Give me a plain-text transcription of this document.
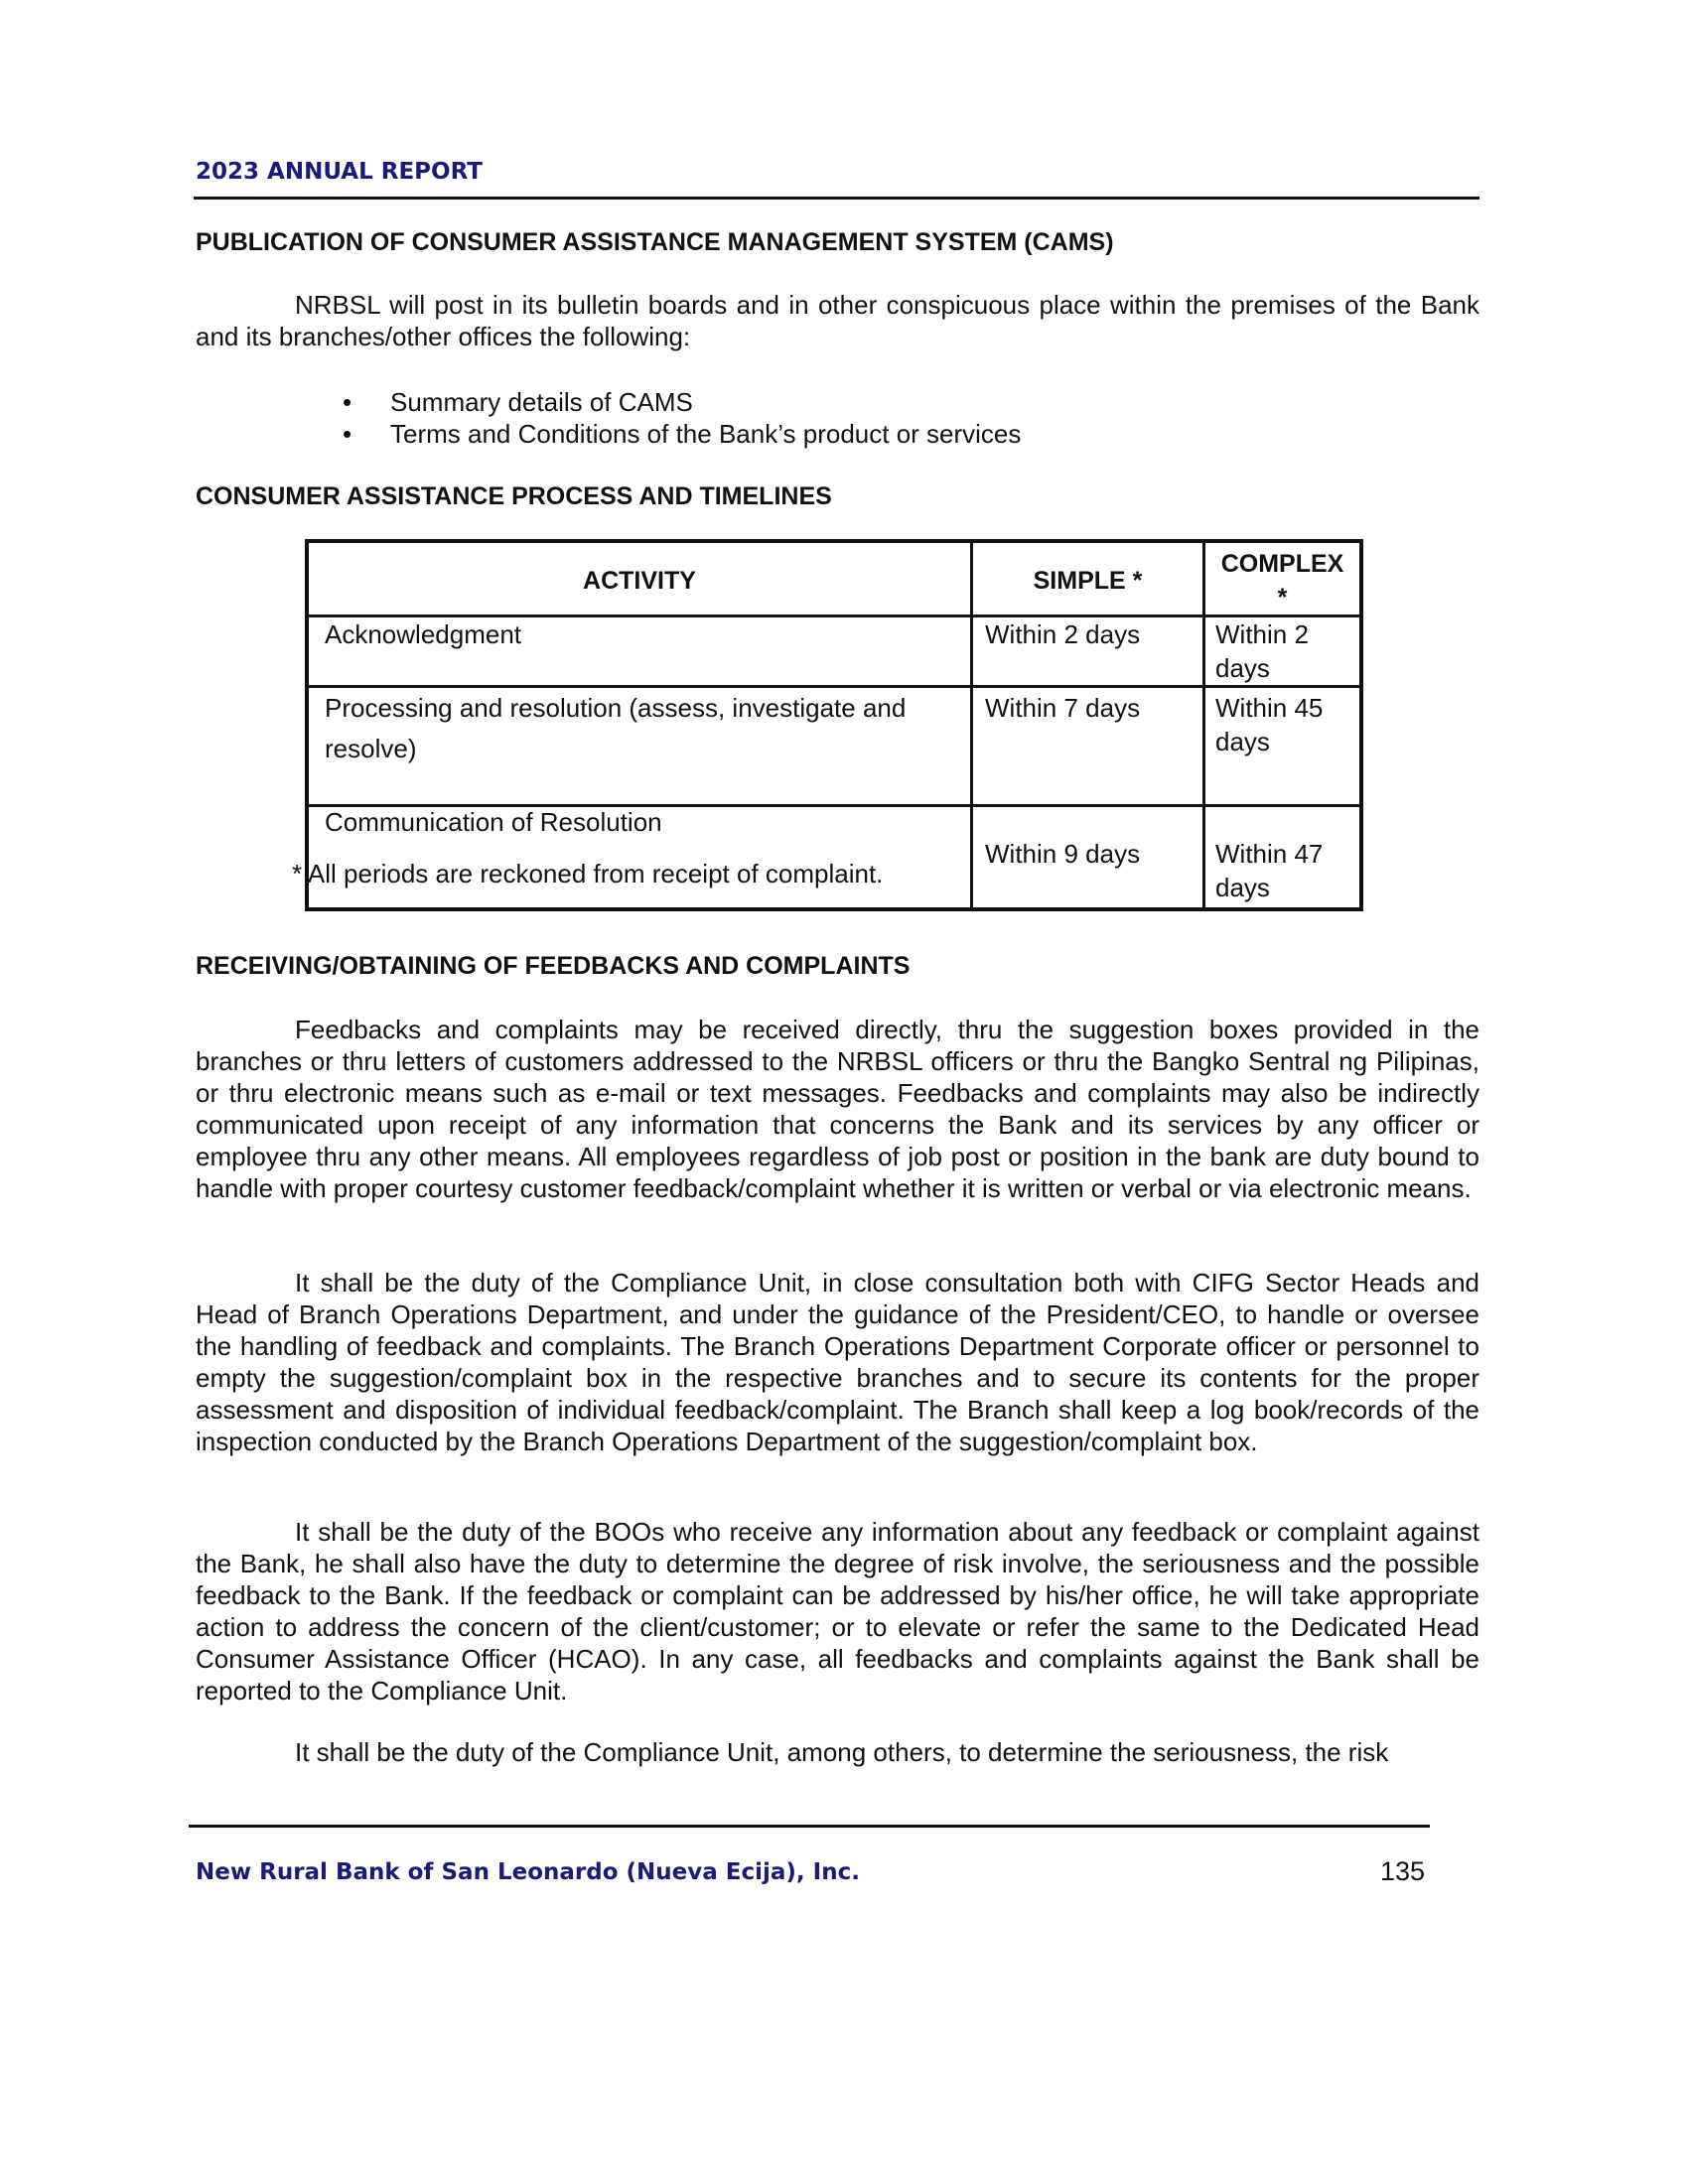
2023 ANNUAL REPORT
PUBLICATION OF CONSUMER ASSISTANCE MANAGEMENT SYSTEM (CAMS)
NRBSL will post in its bulletin boards and in other conspicuous place within the premises of the Bank and its branches/other offices the following:
• Summary details of CAMS
• Terms and Conditions of the Bank’s product or services
CONSUMER ASSISTANCE PROCESS AND TIMELINES
ACTIVITY	SIMPLE *	COMPLEX *
Acknowledgment	Within 2 days	Within 2 days
Processing and resolution (assess, investigate and resolve)	Within 7 days	Within 45 days
Communication of Resolution	Within 9 days	Within 47 days
* All periods are reckoned from receipt of complaint.
RECEIVING/OBTAINING OF FEEDBACKS AND COMPLAINTS
Feedbacks and complaints may be received directly, thru the suggestion boxes provided in the branches or thru letters of customers addressed to the NRBSL officers or thru the Bangko Sentral ng Pilipinas, or thru electronic means such as e-mail or text messages. Feedbacks and complaints may also be indirectly communicated upon receipt of any information that concerns the Bank and its services by any officer or employee thru any other means. All employees regardless of job post or position in the bank are duty bound to handle with proper courtesy customer feedback/complaint whether it is written or verbal or via electronic means.
It shall be the duty of the Compliance Unit, in close consultation both with CIFG Sector Heads and Head of Branch Operations Department, and under the guidance of the President/CEO, to handle or oversee the handling of feedback and complaints. The Branch Operations Department Corporate officer or personnel to empty the suggestion/complaint box in the respective branches and to secure its contents for the proper assessment and disposition of individual feedback/complaint. The Branch shall keep a log book/records of the inspection conducted by the Branch Operations Department of the suggestion/complaint box.
It shall be the duty of the BOOs who receive any information about any feedback or complaint against the Bank, he shall also have the duty to determine the degree of risk involve, the seriousness and the possible feedback to the Bank. If the feedback or complaint can be addressed by his/her office, he will take appropriate action to address the concern of the client/customer; or to elevate or refer the same to the Dedicated Head Consumer Assistance Officer (HCAO). In any case, all feedbacks and complaints against the Bank shall be reported to the Compliance Unit.
It shall be the duty of the Compliance Unit, among others, to determine the seriousness, the risk
New Rural Bank of San Leonardo (Nueva Ecija), Inc.	135
